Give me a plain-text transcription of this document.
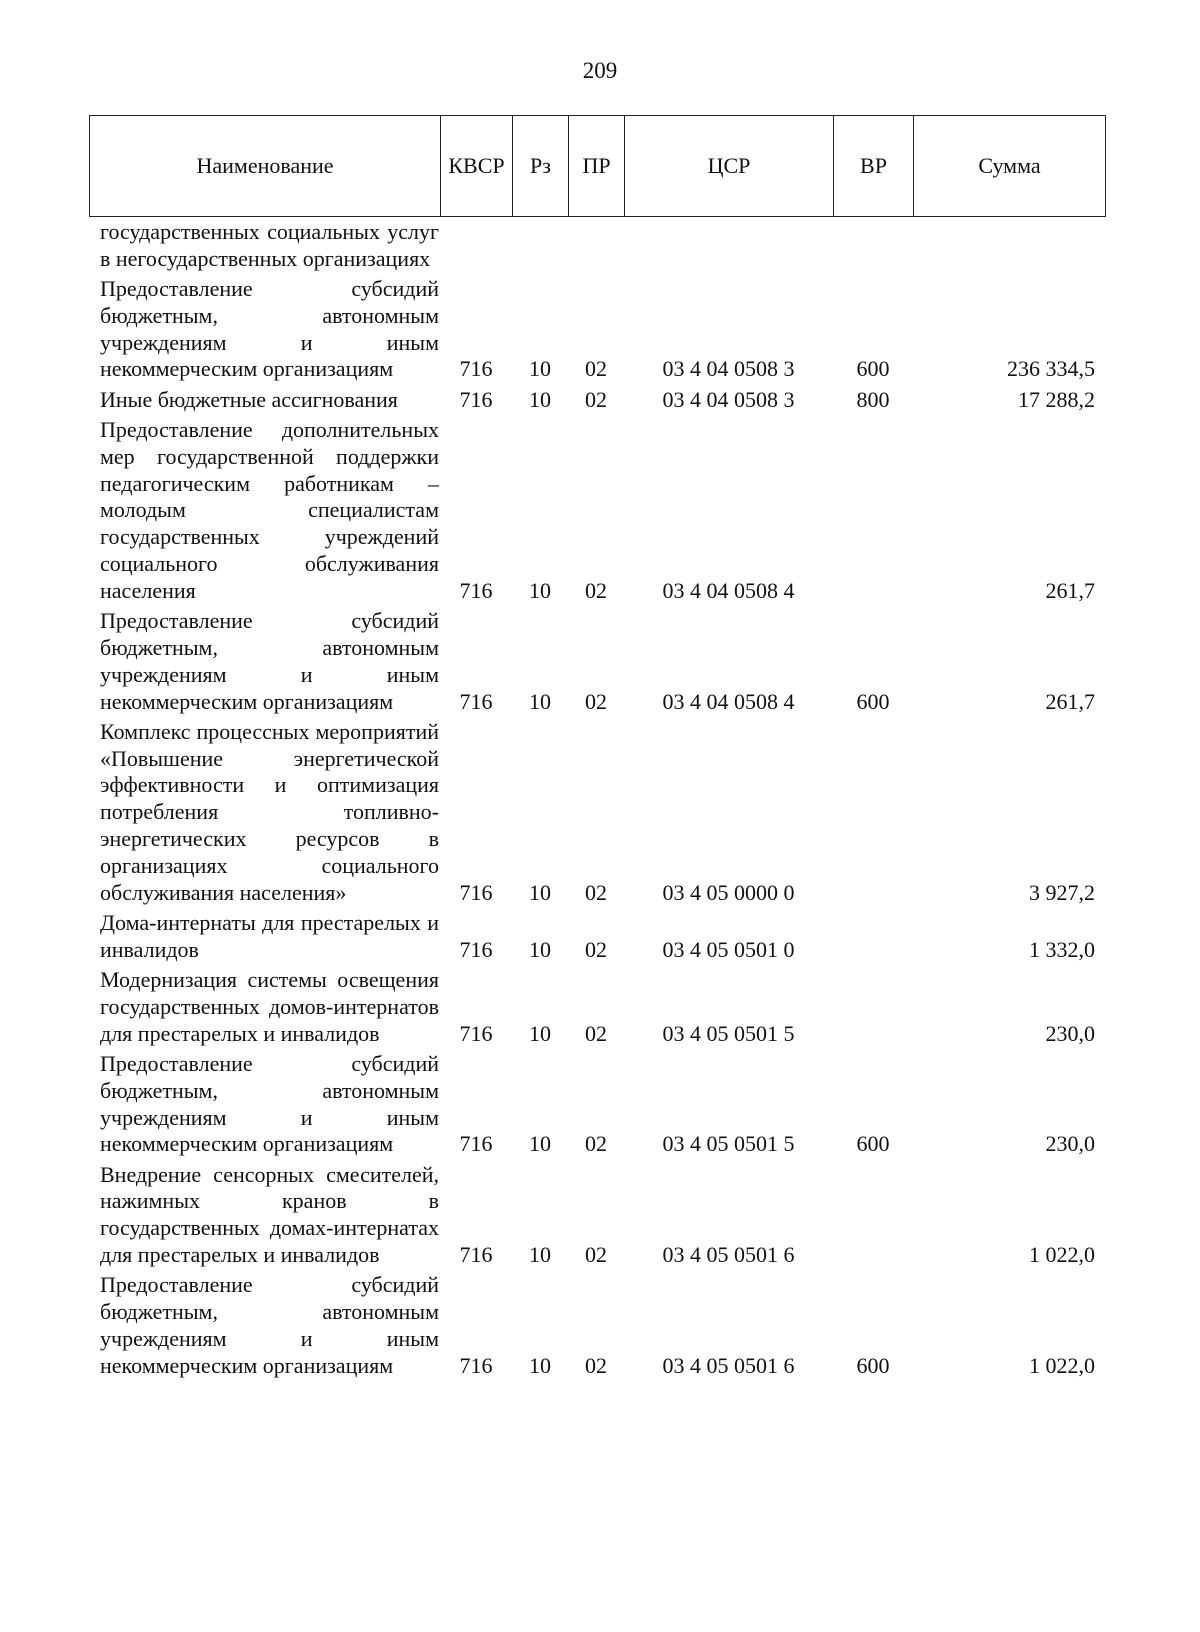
209
Наименование	КВСР	Рз	ПР	ЦСР	ВР	Сумма
государственных социальных услуг в негосударственных организациях						
Предоставление субсидий бюджетным, автономным учреждениям и иным некоммерческим организациям	716	10	02	03 4 04 0508 3	600	236 334,5
Иные бюджетные ассигнования	716	10	02	03 4 04 0508 3	800	17 288,2
Предоставление дополнительных мер государственной поддержки педагогическим работникам – молодым специалистам государственных учреждений социального обслуживания населения	716	10	02	03 4 04 0508 4		261,7
Предоставление субсидий бюджетным, автономным учреждениям и иным некоммерческим организациям	716	10	02	03 4 04 0508 4	600	261,7
Комплекс процессных мероприятий «Повышение энергетической эффективности и оптимизация потребления топливно-энергетических ресурсов в организациях социального обслуживания населения»	716	10	02	03 4 05 0000 0		3 927,2
Дома-интернаты для престарелых и инвалидов	716	10	02	03 4 05 0501 0		1 332,0
Модернизация системы освещения государственных домов-интернатов для престарелых и инвалидов	716	10	02	03 4 05 0501 5		230,0
Предоставление субсидий бюджетным, автономным учреждениям и иным некоммерческим организациям	716	10	02	03 4 05 0501 5	600	230,0
Внедрение сенсорных смесителей, нажимных кранов в государственных домах-интернатах для престарелых и инвалидов	716	10	02	03 4 05 0501 6		1 022,0
Предоставление субсидий бюджетным, автономным учреждениям и иным некоммерческим организациям	716	10	02	03 4 05 0501 6	600	1 022,0
